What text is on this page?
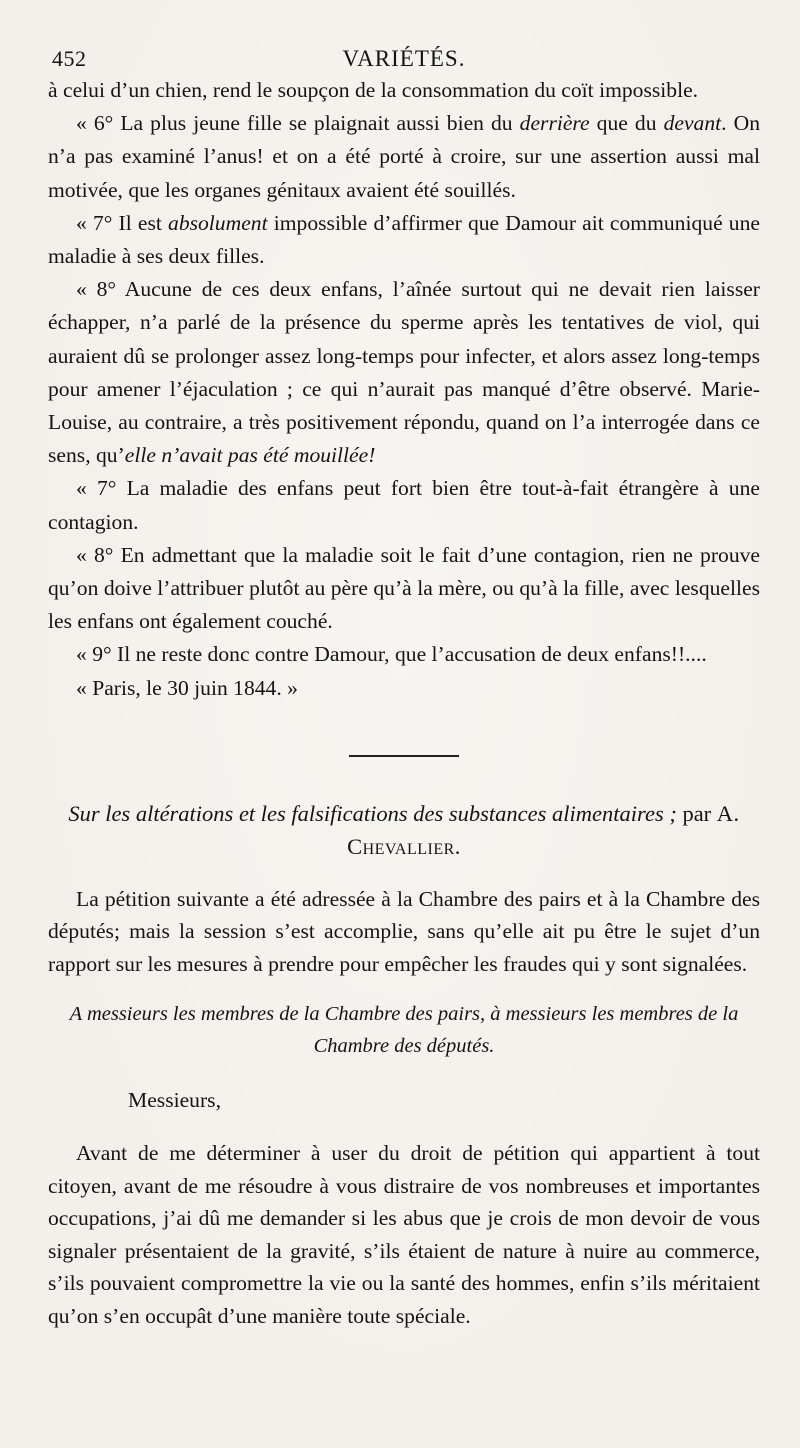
452	VARIÉTÉS.

à celui d’un chien, rend le soupçon de la consommation du coït impossible.

« 6° La plus jeune fille se plaignait aussi bien du derrière que du devant. On n’a pas examiné l’anus! et on a été porté à croire, sur une assertion aussi mal motivée, que les organes génitaux avaient été souillés.

« 7° Il est absolument impossible d’affirmer que Damour ait communiqué une maladie à ses deux filles.

« 8° Aucune de ces deux enfans, l’aînée surtout qui ne devait rien laisser échapper, n’a parlé de la présence du sperme après les tentatives de viol, qui auraient dû se prolonger assez long-temps pour infecter, et alors assez long-temps pour amener l’éjaculation ; ce qui n’aurait pas manqué d’être observé. Marie-Louise, au contraire, a très positivement répondu, quand on l’a interrogée dans ce sens, qu’elle n’avait pas été mouillée!

« 7° La maladie des enfans peut fort bien être tout-à-fait étrangère à une contagion.

« 8° En admettant que la maladie soit le fait d’une contagion, rien ne prouve qu’on doive l’attribuer plutôt au père qu’à la mère, ou qu’à la fille, avec lesquelles les enfans ont également couché.

« 9° Il ne reste donc contre Damour, que l’accusation de deux enfans!!....

« Paris, le 30 juin 1844. »

Sur les altérations et les falsifications des substances alimentaires ; par A. Chevallier.

La pétition suivante a été adressée à la Chambre des pairs et à la Chambre des députés; mais la session s’est accomplie, sans qu’elle ait pu être le sujet d’un rapport sur les mesures à prendre pour empêcher les fraudes qui y sont signalées.

A messieurs les membres de la Chambre des pairs, à messieurs les membres de la Chambre des députés.
Messieurs,

Avant de me déterminer à user du droit de pétition qui appartient à tout citoyen, avant de me résoudre à vous distraire de vos nombreuses et importantes occupations, j’ai dû me demander si les abus que je crois de mon devoir de vous signaler présentaient de la gravité, s’ils étaient de nature à nuire au commerce, s’ils pouvaient compromettre la vie ou la santé des hommes, enfin s’ils méritaient qu’on s’en occupât d’une manière toute spéciale.
